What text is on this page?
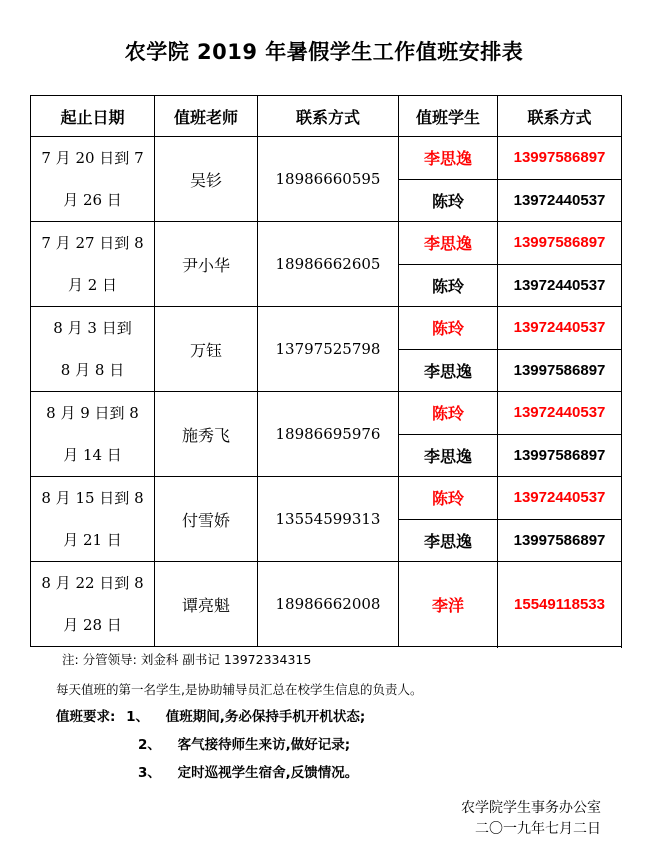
农学院 2019 年暑假学生工作值班安排表
起止日期	值班老师	联系方式	值班学生	联系方式

7 月 20 日到 7
月 26 日	吴钐	18986660595	李思逸	13997586897
			陈玲	13972440537

7 月 27 日到 8
月 2 日	尹小华	18986662605	李思逸	13997586897
			陈玲	13972440537

8 月 3 日到
8 月 8 日	万钰	13797525798	陈玲	13972440537
			李思逸	13997586897

8 月 9 日到 8
月 14 日	施秀飞	18986695976	陈玲	13972440537
			李思逸	13997586897

8 月 15 日到 8
月 21 日	付雪娇	13554599313	陈玲	13972440537
			李思逸	13997586897

8 月 22 日到 8
月 28 日	谭亮魁	18986662008	李洋	15549118533

注: 分管领导: 刘金科 副书记 13972334315
每天值班的第一名学生,是协助辅导员汇总在校学生信息的负责人。
值班要求: 1、 值班期间,务必保持手机开机状态;
2、 客气接待师生来访,做好记录;
3、 定时巡视学生宿舍,反馈情况。
农学院学生事务办公室
二〇一九年七月二日
